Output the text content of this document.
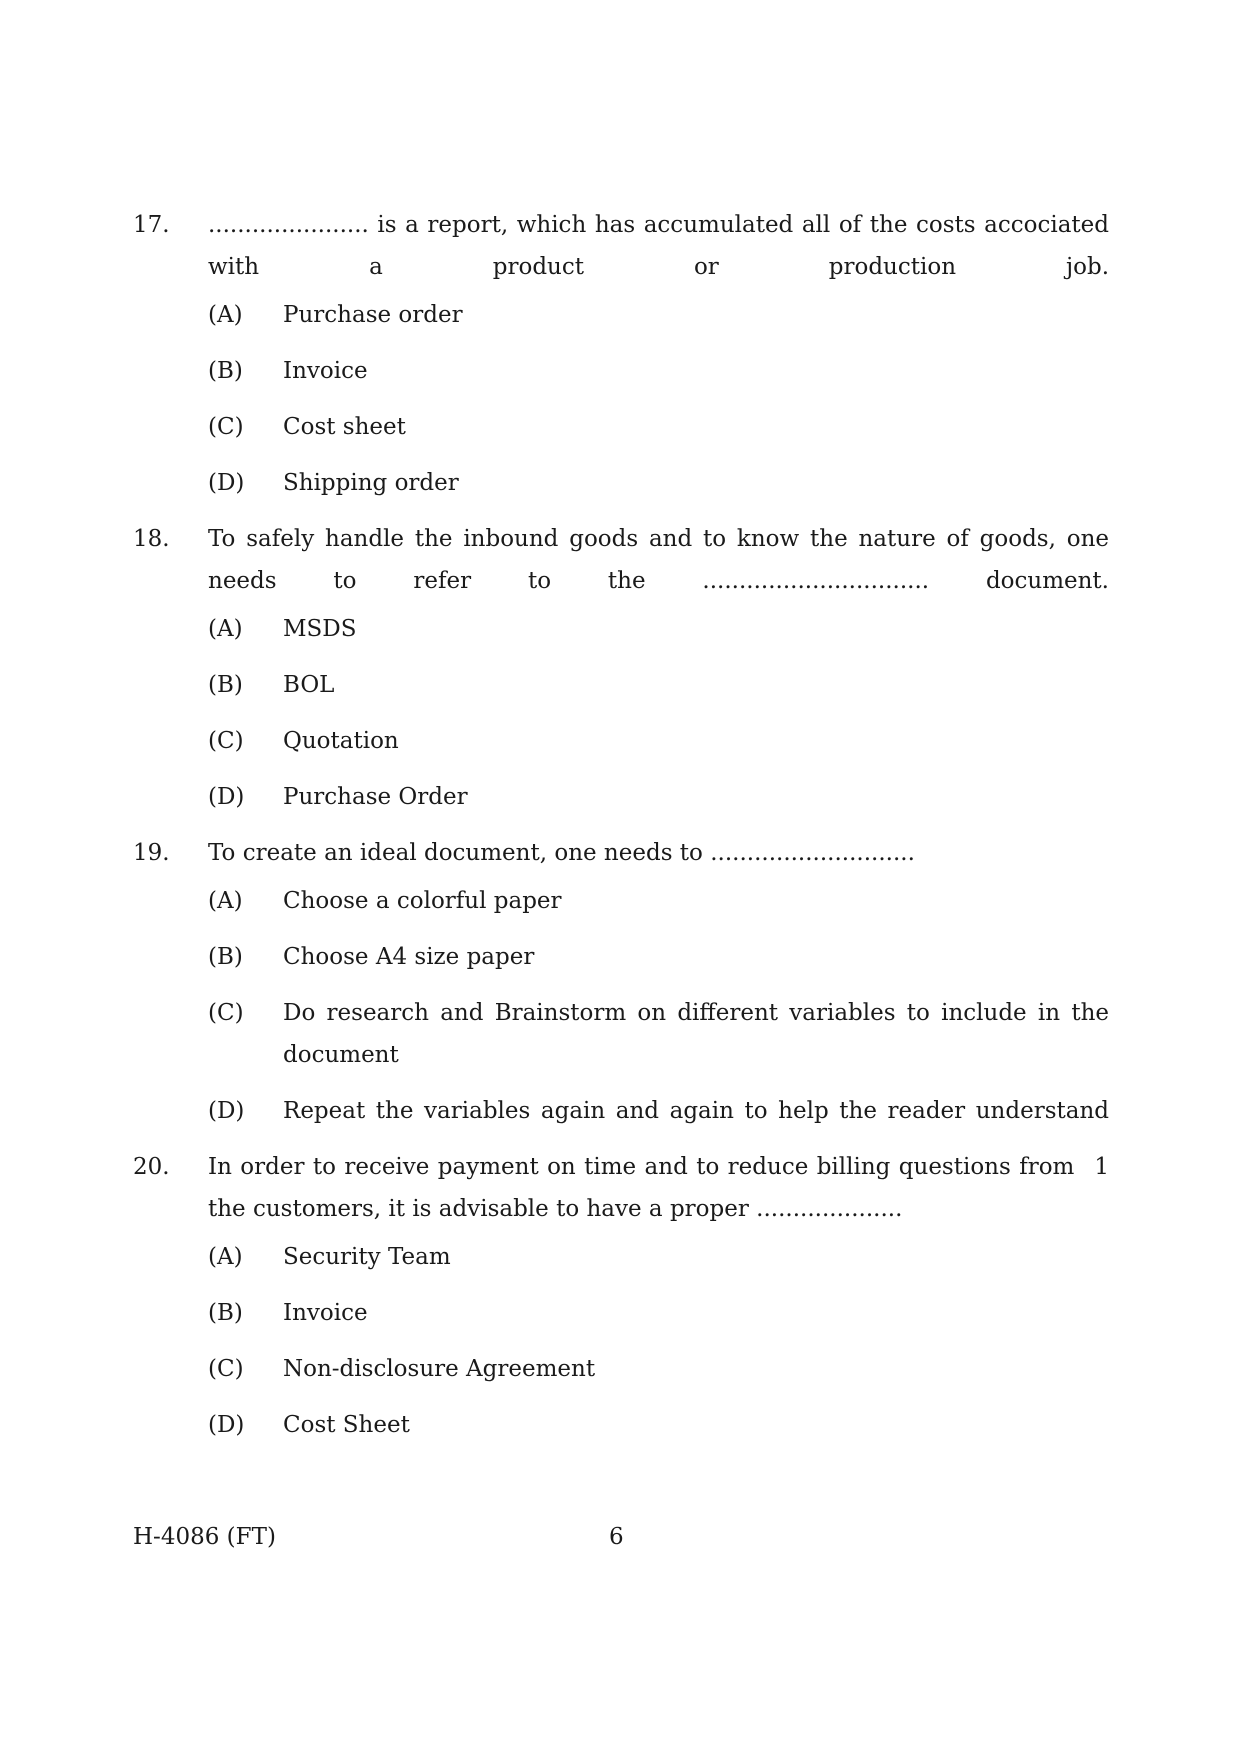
17.	...................... is a report, which has accumulated all of the costs accociated with a product or production job.
(A)	Purchase order
(B)	Invoice
(C)	Cost sheet
(D)	Shipping order
18.	To safely handle the inbound goods and to know the nature of goods, one needs to refer to the ............................... document.
(A)	MSDS
(B)	BOL
(C)	Quotation
(D)	Purchase Order
19.	To create an ideal document, one needs to ............................
(A)	Choose a colorful paper
(B)	Choose A4 size paper
(C)	Do research and Brainstorm on different variables to include in the document
(D)	Repeat the variables again and again to help the reader understand
20.	1
In order to receive payment on time and to reduce billing questions from the customers, it is advisable to have a proper ....................
(A)	Security Team
(B)	Invoice
(C)	Non-disclosure Agreement
(D)	Cost Sheet
H-4086 (FT)	6
